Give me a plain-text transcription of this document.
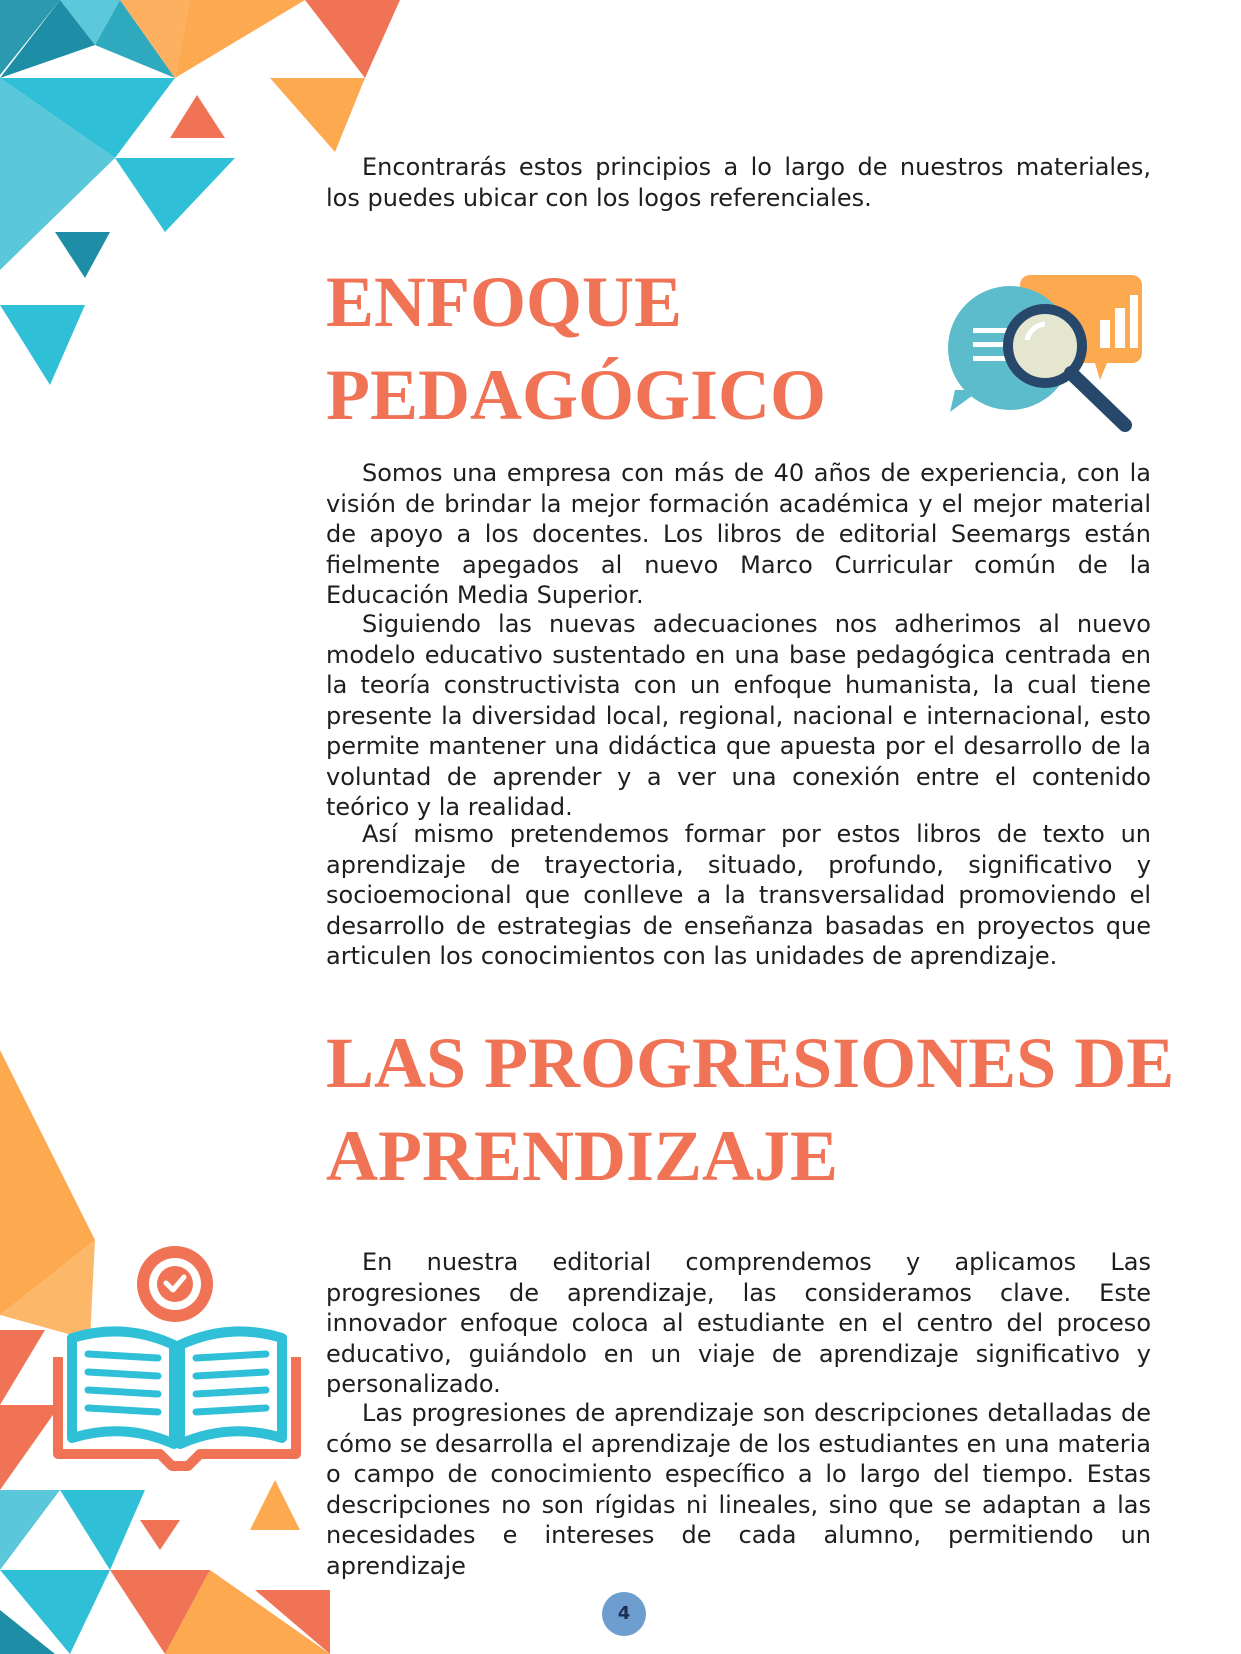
Encontrarás estos principios a lo largo de nuestros materiales, los puedes ubicar con los logos referenciales.

ENFOQUE
PEDAGÓGICO

Somos una empresa con más de 40 años de experiencia, con la visión de brindar la mejor formación académica y el mejor material de apoyo a los docentes. Los libros de editorial Seemargs están fielmente apegados al nuevo Marco Curricular común de la Educación Media Superior.

Siguiendo las nuevas adecuaciones nos adherimos al nuevo modelo educativo sustentado en una base pedagógica centrada en la teoría constructivista con un enfoque humanista, la cual tiene presente la diversidad local, regional, nacional e internacional, esto permite mantener una didáctica que apuesta por el desarrollo de la voluntad de aprender y a ver una conexión entre el contenido teórico y la realidad.

Así mismo pretendemos formar por estos libros de texto un aprendizaje de trayectoria, situado, profundo, significativo y socioemocional que conlleve a la transversalidad promoviendo el desarrollo de estrategias de enseñanza basadas en proyectos que articulen los conocimientos con las unidades de aprendizaje.

LAS PROGRESIONES DE
APRENDIZAJE

En nuestra editorial comprendemos y aplicamos Las progresiones de aprendizaje, las consideramos clave. Este innovador enfoque coloca al estudiante en el centro del proceso educativo, guiándolo en un viaje de aprendizaje significativo y personalizado.

Las progresiones de aprendizaje son descripciones detalladas de cómo se desarrolla el aprendizaje de los estudiantes en una materia o campo de conocimiento específico a lo largo del tiempo. Estas descripciones no son rígidas ni lineales, sino que se adaptan a las necesidades e intereses de cada alumno, permitiendo un aprendizaje

4
